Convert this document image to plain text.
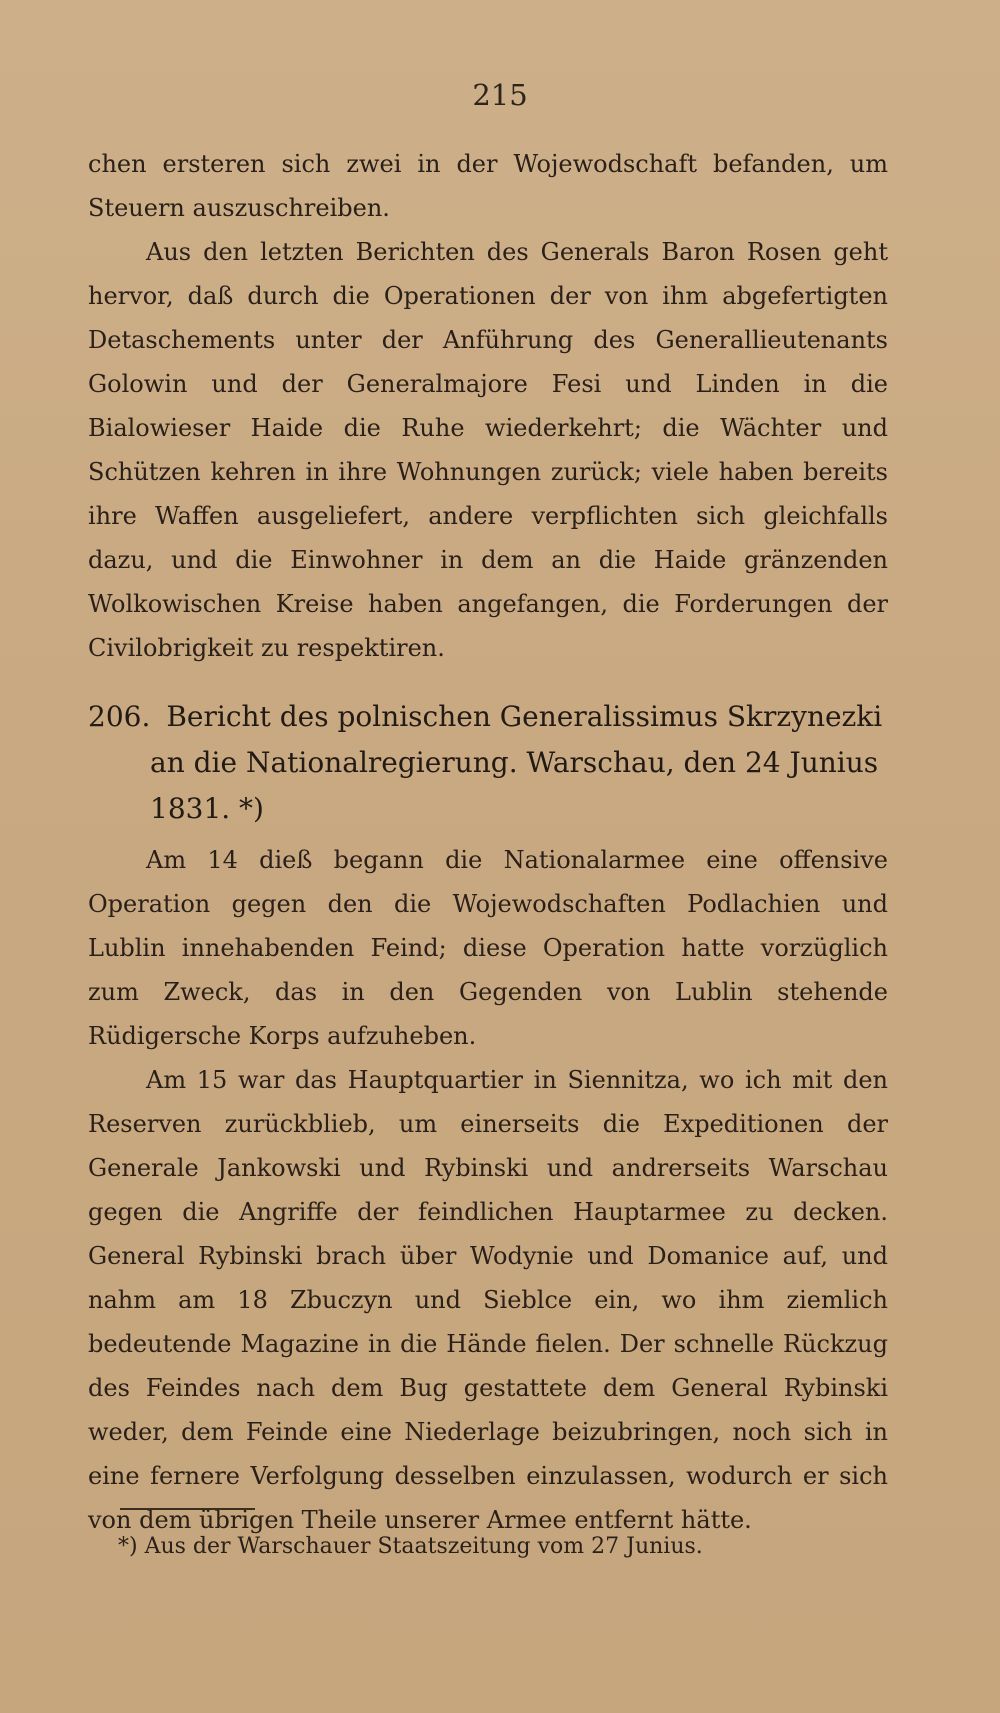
215

chen ersteren sich zwei in der Wojewodschaft befanden, um Steuern auszuschreiben.

Aus den letzten Berichten des Generals Baron Rosen geht hervor, daß durch die Operationen der von ihm abgefertigten Detaschements unter der Anführung des Generallieutenants Golowin und der Generalmajore Fesi und Linden in die Bialowieser Haide die Ruhe wiederkehrt; die Wächter und Schützen kehren in ihre Wohnungen zurück; viele haben bereits ihre Waffen ausgeliefert, andere verpflichten sich gleichfalls dazu, und die Einwohner in dem an die Haide gränzenden Wolkowischen Kreise haben angefangen, die Forderungen der Civilobrigkeit zu respektiren.

206. Bericht des polnischen Generalissimus Skrzynezki an die Nationalregierung. Warschau, den 24 Junius 1831. *)

Am 14 dieß begann die Nationalarmee eine offensive Operation gegen den die Wojewodschaften Podlachien und Lublin innehabenden Feind; diese Operation hatte vorzüglich zum Zweck, das in den Gegenden von Lublin stehende Rüdigersche Korps aufzuheben.

Am 15 war das Hauptquartier in Siennitza, wo ich mit den Reserven zurückblieb, um einerseits die Expeditionen der Generale Jankowski und Rybinski und andrerseits Warschau gegen die Angriffe der feindlichen Hauptarmee zu decken. General Rybinski brach über Wodynie und Domanice auf, und nahm am 18 Zbuczyn und Sieblce ein, wo ihm ziemlich bedeutende Magazine in die Hände fielen. Der schnelle Rückzug des Feindes nach dem Bug gestattete dem General Rybinski weder, dem Feinde eine Niederlage beizubringen, noch sich in eine fernere Verfolgung desselben einzulassen, wodurch er sich von dem übrigen Theile unserer Armee entfernt hätte.

*) Aus der Warschauer Staatszeitung vom 27 Junius.
